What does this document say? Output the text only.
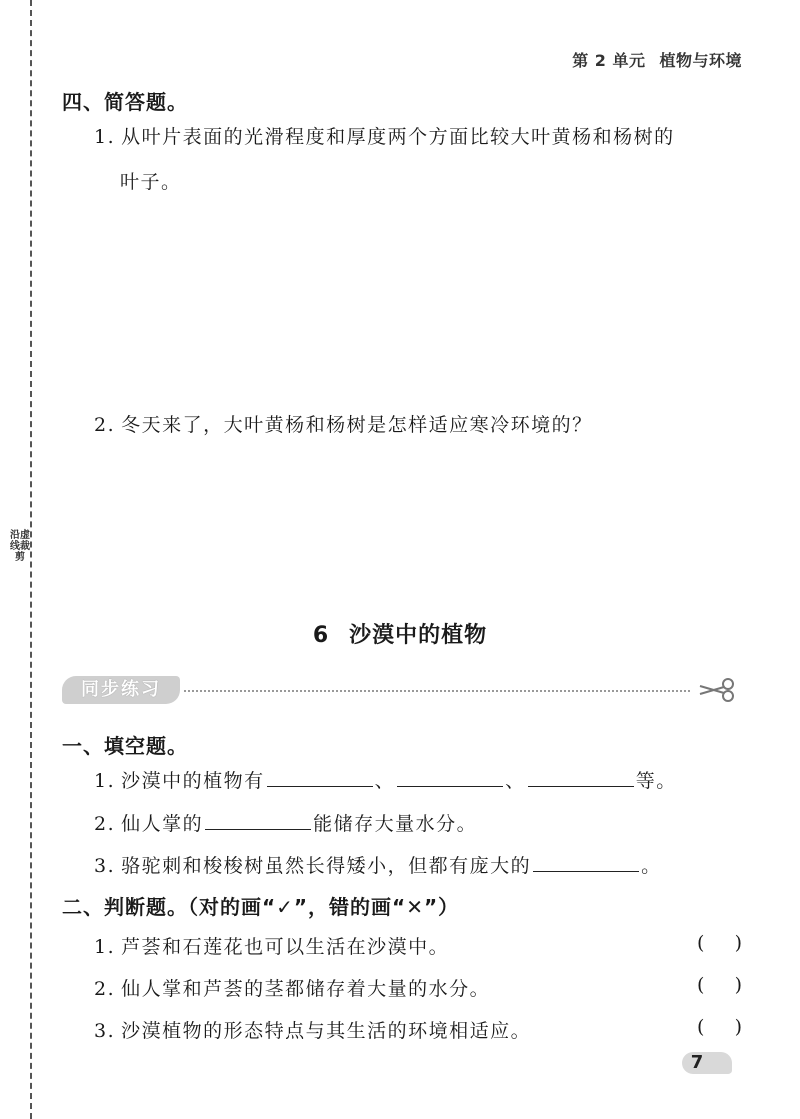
沿虚线裁剪
第 2 单元 植物与环境
四、简答题。
1. 从叶片表面的光滑程度和厚度两个方面比较大叶黄杨和杨树的
叶子。
2. 冬天来了，大叶黄杨和杨树是怎样适应寒冷环境的？
6 沙漠中的植物
同步练习
一、填空题。
1. 沙漠中的植物有	、	、	等。
2. 仙人掌的	能储存大量水分。
3. 骆驼刺和梭梭树虽然长得矮小，但都有庞大的	。
二、判断题。（对的画“✓”，错的画“✕”）
1. 芦荟和石莲花也可以生活在沙漠中。	(     )
2. 仙人掌和芦荟的茎都储存着大量的水分。	(     )
3. 沙漠植物的形态特点与其生活的环境相适应。	(     )
7
